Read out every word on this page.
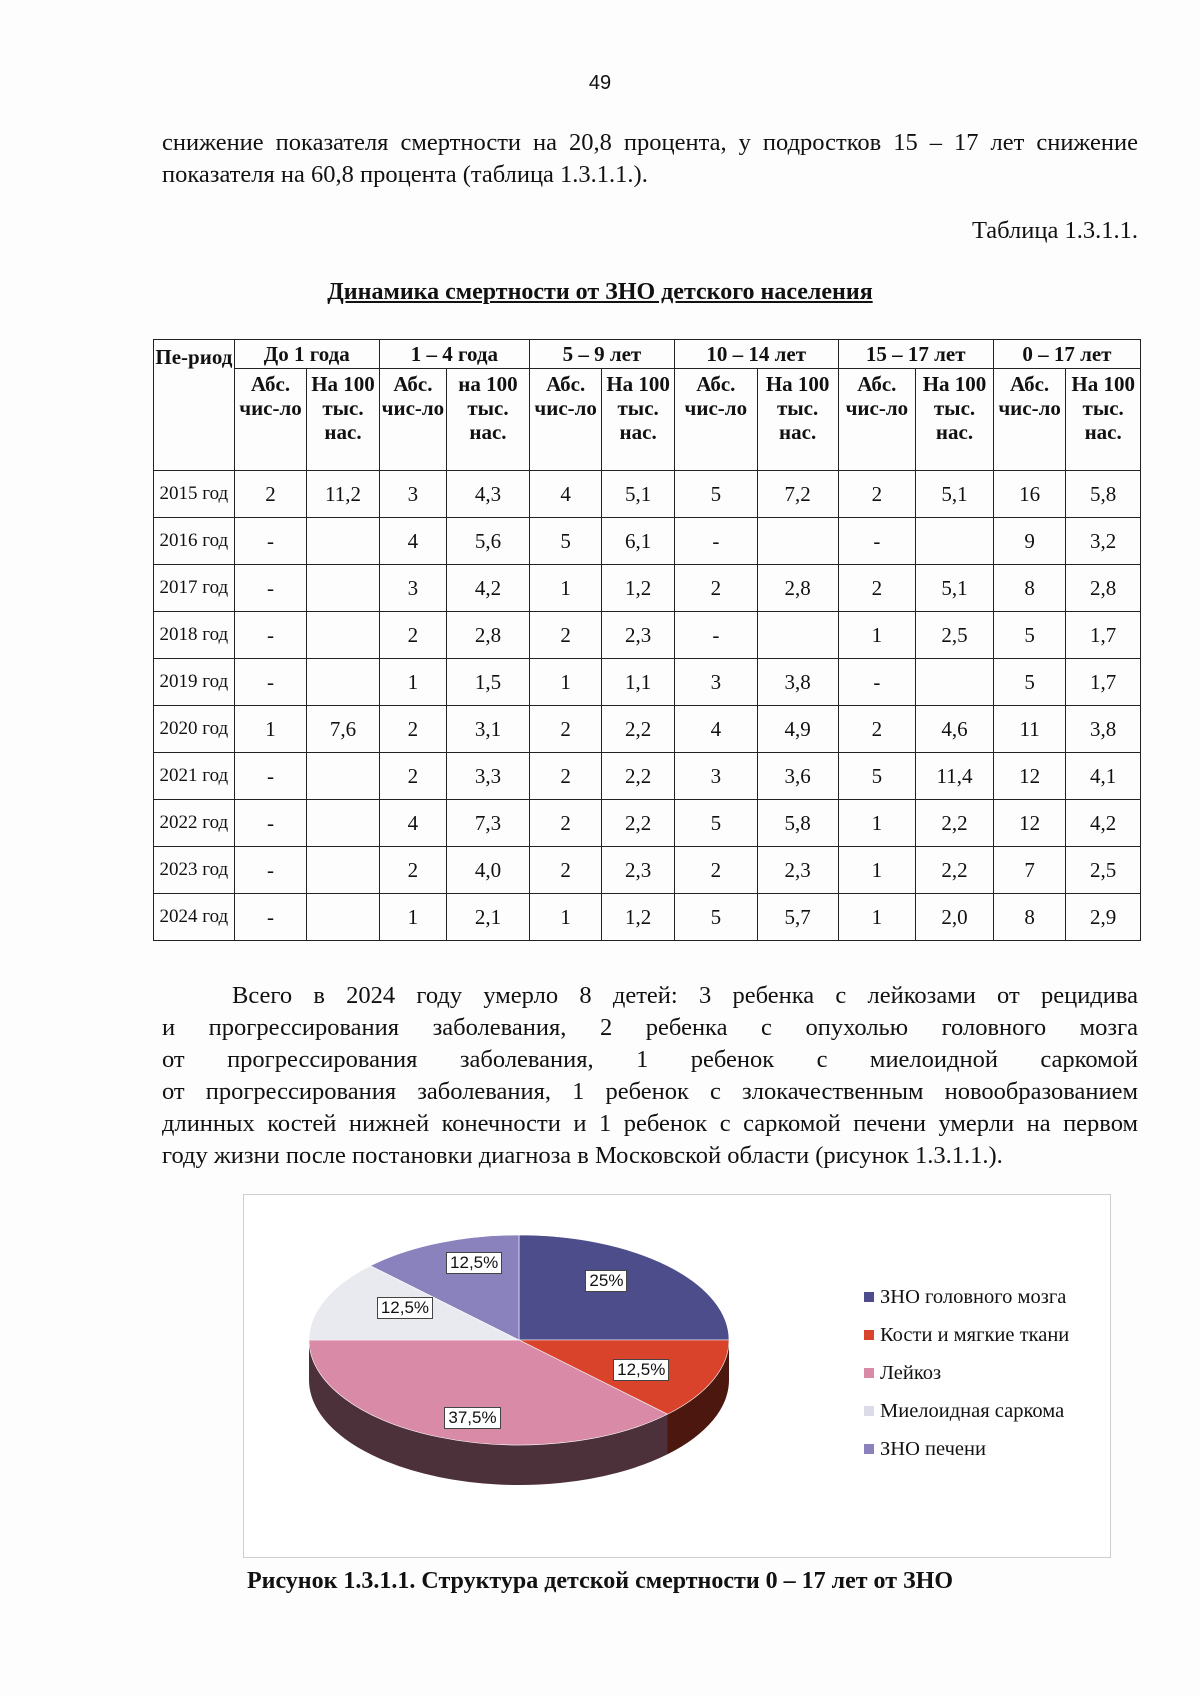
49
снижение показателя смертности на 20,8 процента, у подростков 15 – 17 лет снижение
показателя на 60,8 процента (таблица 1.3.1.1.).
Таблица 1.3.1.1.
Динамика смертности от ЗНО детского населения
Пе-риод	До 1 года		1 – 4 года		5 – 9 лет		10 – 14 лет		15 – 17 лет		0 – 17 лет	
	Абс. чис-ло	На 100 тыс. нас.	Абс. чис-ло	на 100 тыс. нас.	Абс. чис-ло	На 100 тыс. нас.	Абс. чис-ло	На 100 тыс. нас.	Абс. чис-ло	На 100 тыс. нас.	Абс. чис-ло	На 100 тыс. нас.
2015 год	2	11,2	3	4,3	4	5,1	5	7,2	2	5,1	16	5,8
2016 год	-		4	5,6	5	6,1	-		-		9	3,2
2017 год	-		3	4,2	1	1,2	2	2,8	2	5,1	8	2,8
2018 год	-		2	2,8	2	2,3	-		1	2,5	5	1,7
2019 год	-		1	1,5	1	1,1	3	3,8	-		5	1,7
2020 год	1	7,6	2	3,1	2	2,2	4	4,9	2	4,6	11	3,8
2021 год	-		2	3,3	2	2,2	3	3,6	5	11,4	12	4,1
2022 год	-		4	7,3	2	2,2	5	5,8	1	2,2	12	4,2
2023 год	-		2	4,0	2	2,3	2	2,3	1	2,2	7	2,5
2024 год	-		1	2,1	1	1,2	5	5,7	1	2,0	8	2,9
Всего в 2024 году умерло 8 детей: 3 ребенка с лейкозами от рецидива
и прогрессирования заболевания, 2 ребенка с опухолью головного мозга
от прогрессирования заболевания, 1 ребенок с миелоидной саркомой
от прогрессирования заболевания, 1 ребенок с злокачественным новообразованием
длинных костей нижней конечности и 1 ребенок с саркомой печени умерли на первом
году жизни после постановки диагноза в Московской области (рисунок 1.3.1.1.).
25%
12,5%
37,5%
12,5%
12,5%
ЗНО головного мозга
Кости и мягкие ткани
Лейкоз
Миелоидная саркома
ЗНО печени
Рисунок 1.3.1.1. Структура детской смертности 0 – 17 лет от ЗНО
